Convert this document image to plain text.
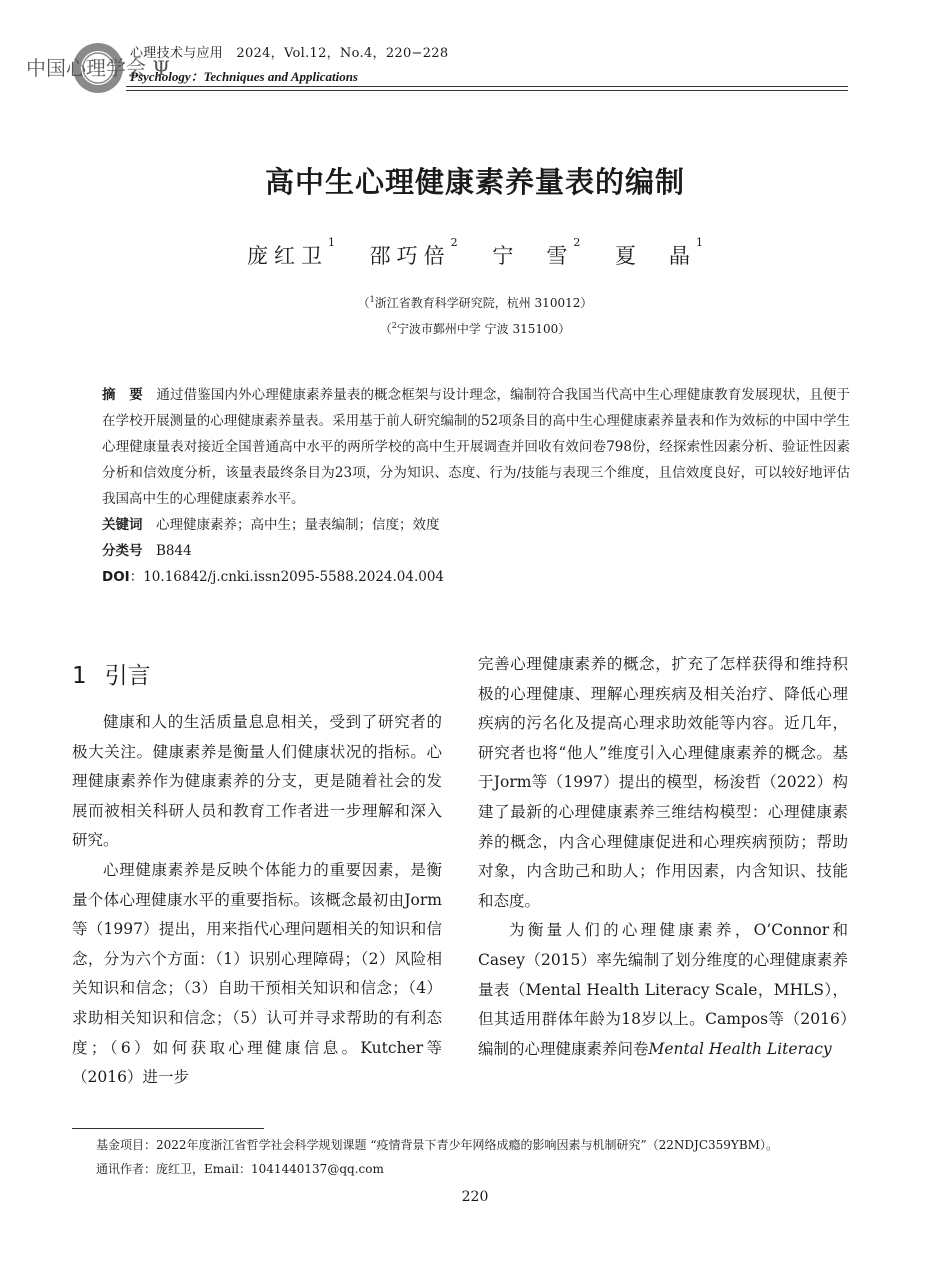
中国心理学会 Ψ
心理技术与应用　2024，Vol.12，No.4，220−228
Psychology：Techniques and Applications
高中生心理健康素养量表的编制
庞红卫$^1$ 邵巧倍$^2$ 宁　雪$^2$ 夏　晶$^1$
（$^1$浙江省教育科学研究院，杭州 310012）
（$^2$宁波市鄞州中学 宁波 315100）
摘　要　 通过借鉴国内外心理健康素养量表的概念框架与设计理念，编制符合我国当代高中生心理健康教育发展现状，且便于在学校开展测量的心理健康素养量表。采用基于前人研究编制的52项条目的高中生心理健康素养量表和作为效标的中国中学生心理健康量表对接近全国普通高中水平的两所学校的高中生开展调查并回收有效问卷798份，经探索性因素分析、验证性因素分析和信效度分析，该量表最终条目为23项，分为知识、态度、行为/技能与表现三个维度，且信效度良好，可以较好地评估我国高中生的心理健康素养水平。
关键词　 心理健康素养；高中生；量表编制；信度；效度
分类号　 B844
DOI：10.16842/j.cnki.issn2095-5588.2024.04.004
1 引言

健康和人的生活质量息息相关，受到了研究者的极大关注。健康素养是衡量人们健康状况的指标。心理健康素养作为健康素养的分支，更是随着社会的发展而被相关科研人员和教育工作者进一步理解和深入研究。

心理健康素养是反映个体能力的重要因素，是衡量个体心理健康水平的重要指标。该概念最初由Jorm等（1997）提出，用来指代心理问题相关的知识和信念，分为六个方面：（1）识别心理障碍；（2）风险相关知识和信念；（3）自助干预相关知识和信念；（4）求助相关知识和信念；（5）认可并寻求帮助的有利态度；（6）如何获取心理健康信息。Kutcher等（2016）进一步

完善心理健康素养的概念，扩充了怎样获得和维持积极的心理健康、理解心理疾病及相关治疗、降低心理疾病的污名化及提高心理求助效能等内容。近几年，研究者也将“他人”维度引入心理健康素养的概念。基于Jorm等（1997）提出的模型，杨浚哲（2022）构建了最新的心理健康素养三维结构模型：心理健康素养的概念，内含心理健康促进和心理疾病预防；帮助对象，内含助己和助人；作用因素，内含知识、技能和态度。

为衡量人们的心理健康素养，O’Connor和Casey（2015）率先编制了划分维度的心理健康素养量表（Mental Health Literacy Scale，MHLS），但其适用群体年龄为18岁以上。Campos等（2016）编制的心理健康素养问卷Mental Health Literacy

基金项目：2022年度浙江省哲学社会科学规划课题 “疫情背景下青少年网络成瘾的影响因素与机制研究”（22NDJC359YBM）。
通讯作者：庞红卫，Email：1041440137@qq.com
220
